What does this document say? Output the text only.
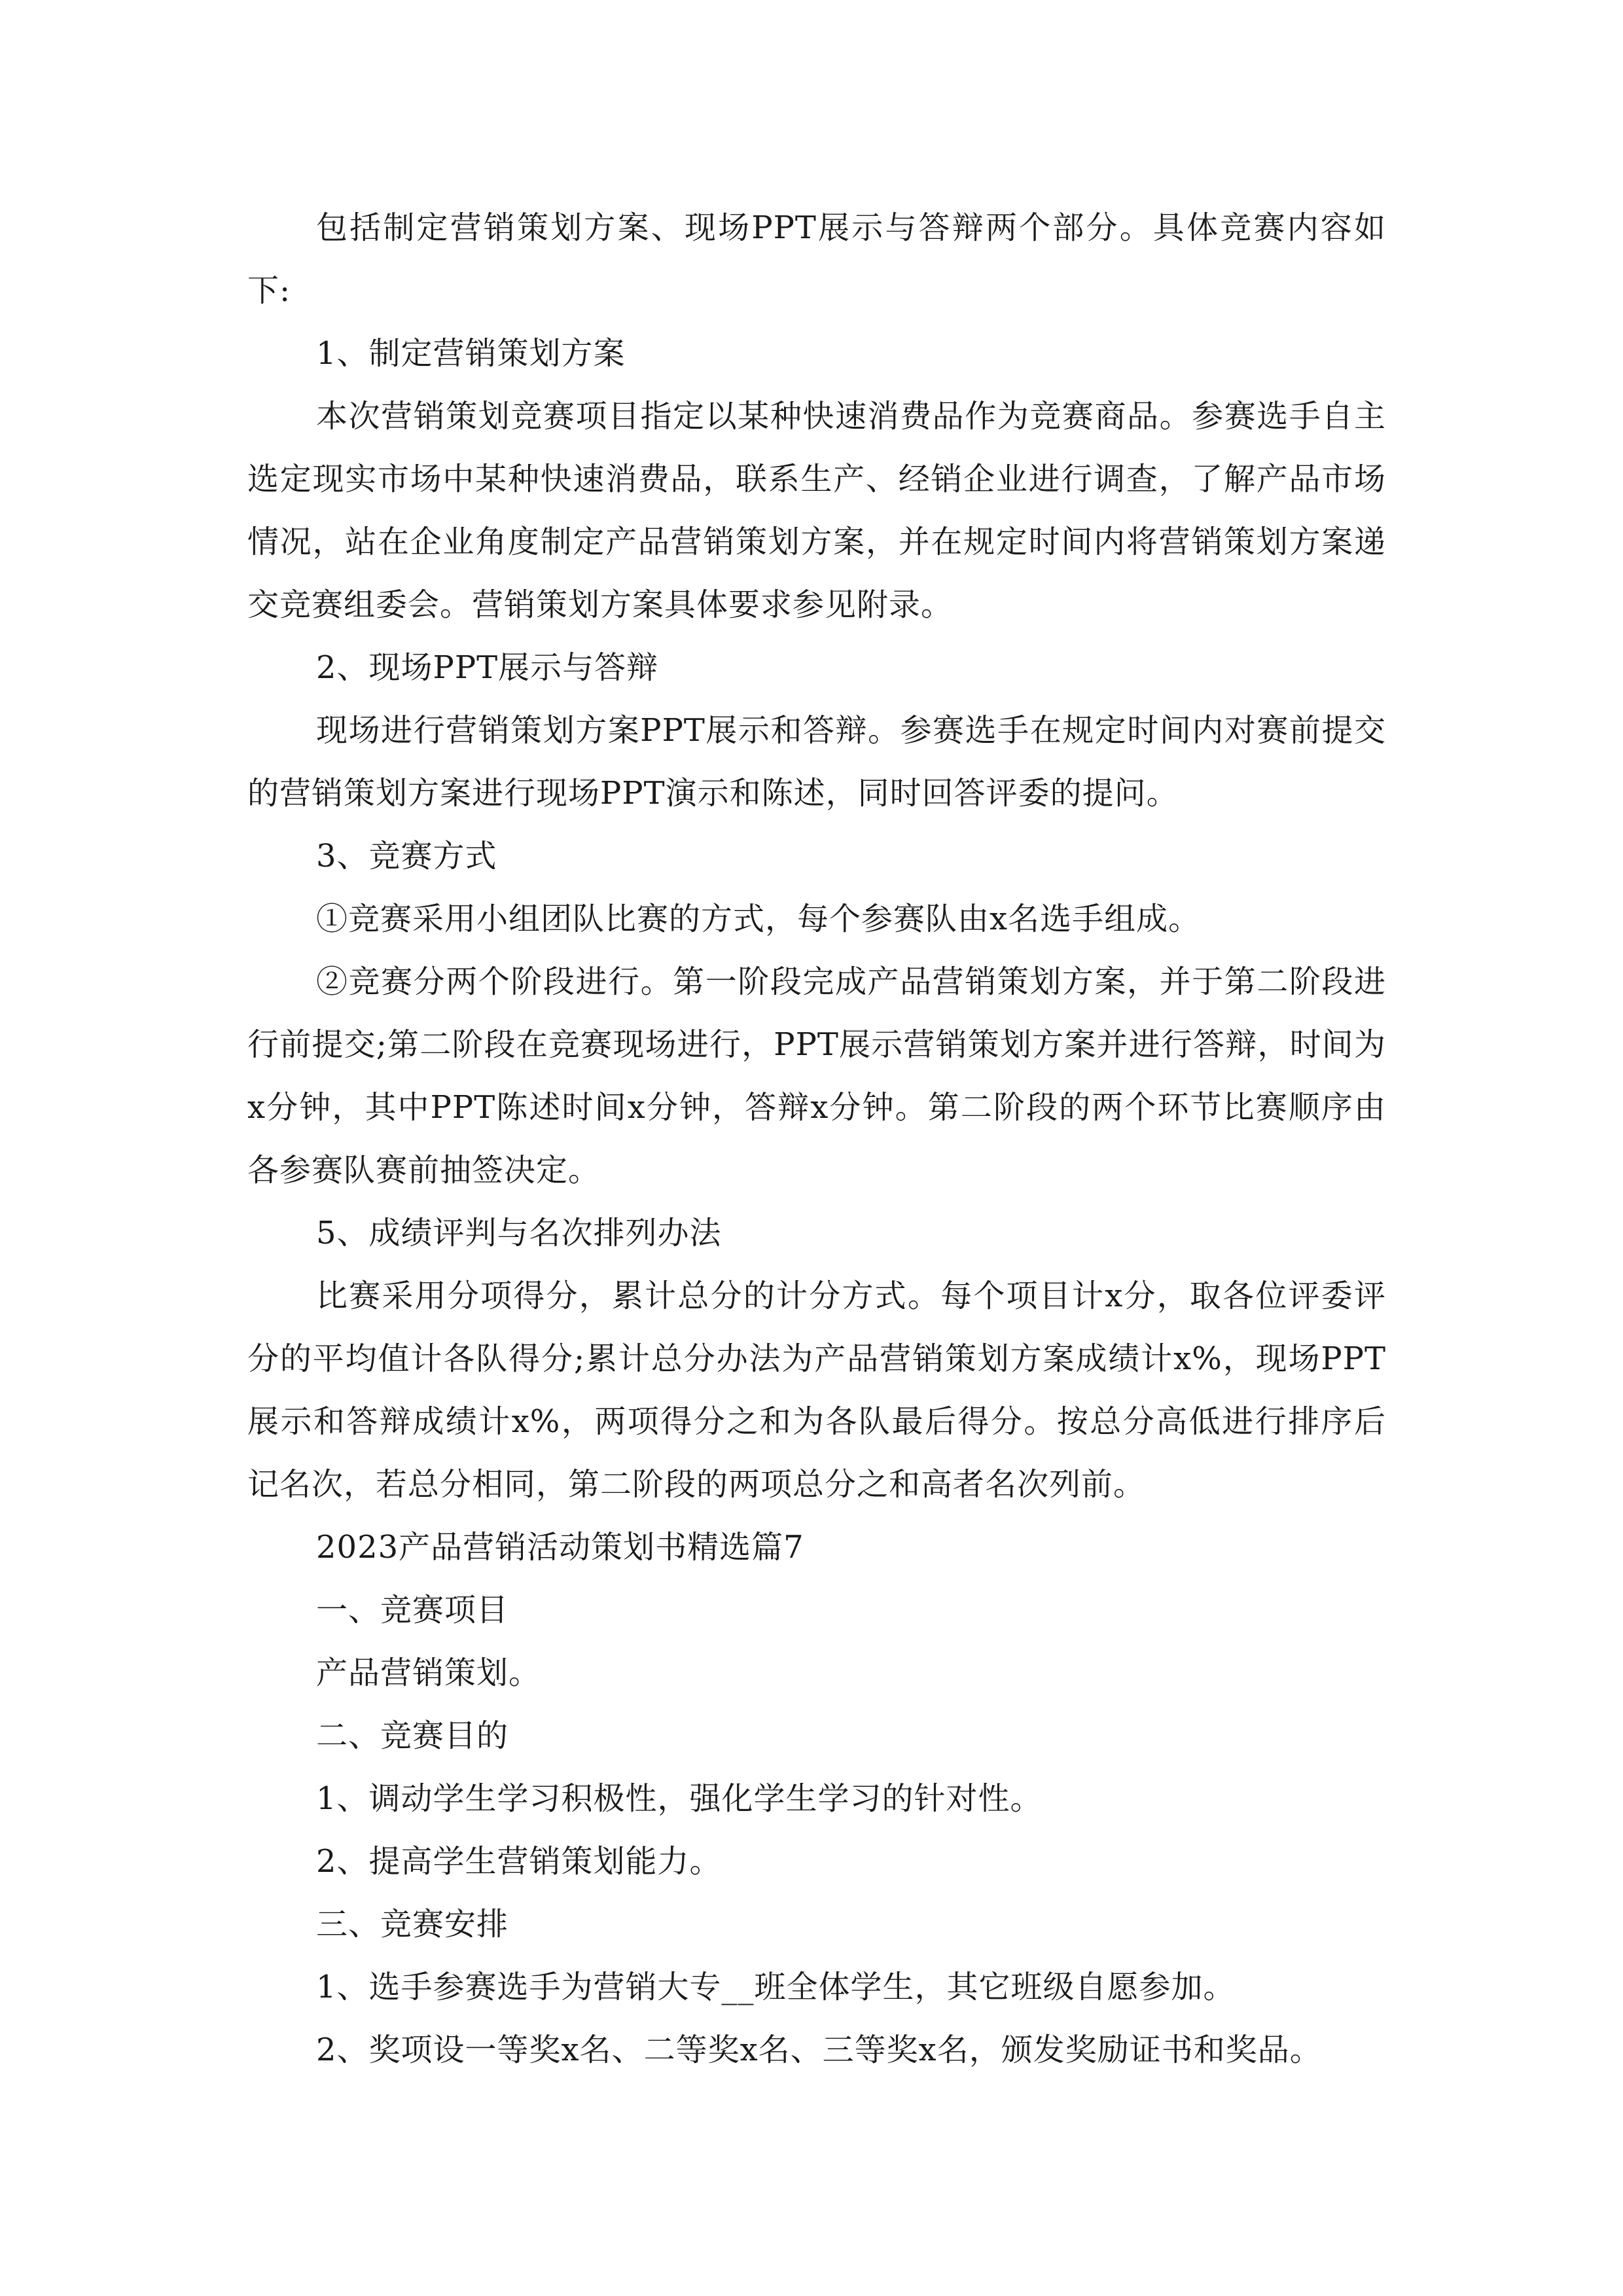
包括制定营销策划方案、现场PPT展示与答辩两个部分。具体竞赛内容如下:

1、制定营销策划方案

本次营销策划竞赛项目指定以某种快速消费品作为竞赛商品。参赛选手自主选定现实市场中某种快速消费品，联系生产、经销企业进行调查，了解产品市场情况，站在企业角度制定产品营销策划方案，并在规定时间内将营销策划方案递交竞赛组委会。营销策划方案具体要求参见附录。

2、现场PPT展示与答辩

现场进行营销策划方案PPT展示和答辩。参赛选手在规定时间内对赛前提交的营销策划方案进行现场PPT演示和陈述，同时回答评委的提问。

3、竞赛方式

①竞赛采用小组团队比赛的方式，每个参赛队由x名选手组成。

②竞赛分两个阶段进行。第一阶段完成产品营销策划方案，并于第二阶段进行前提交;第二阶段在竞赛现场进行，PPT展示营销策划方案并进行答辩，时间为x分钟，其中PPT陈述时间x分钟，答辩x分钟。第二阶段的两个环节比赛顺序由各参赛队赛前抽签决定。

5、成绩评判与名次排列办法

比赛采用分项得分，累计总分的计分方式。每个项目计x分，取各位评委评分的平均值计各队得分;累计总分办法为产品营销策划方案成绩计x%，现场PPT展示和答辩成绩计x%，两项得分之和为各队最后得分。按总分高低进行排序后记名次，若总分相同，第二阶段的两项总分之和高者名次列前。

2023产品营销活动策划书精选篇7

一、竞赛项目

产品营销策划。

二、竞赛目的

1、调动学生学习积极性，强化学生学习的针对性。

2、提高学生营销策划能力。

三、竞赛安排

1、选手参赛选手为营销大专__班全体学生，其它班级自愿参加。

2、奖项设一等奖x名、二等奖x名、三等奖x名，颁发奖励证书和奖品。
